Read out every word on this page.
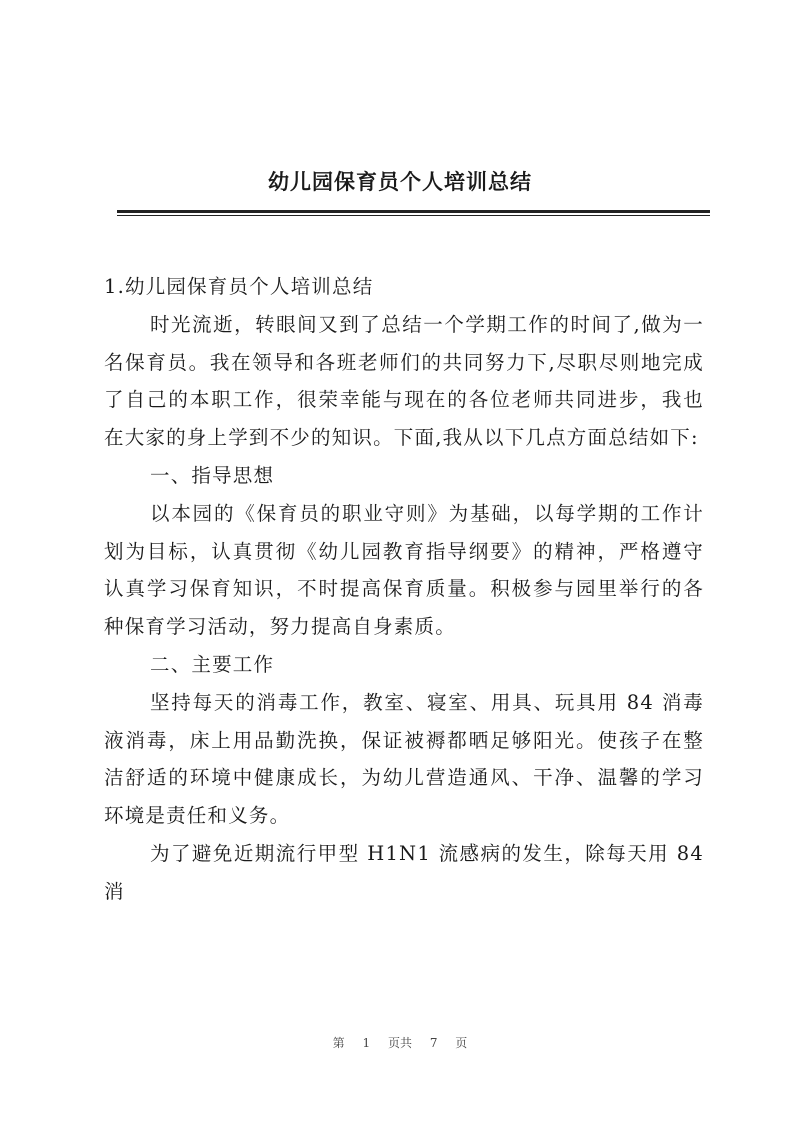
幼儿园保育员个人培训总结

1.幼儿园保育员个人培训总结

时光流逝，转眼间又到了总结一个学期工作的时间了,做为一名保育员。我在领导和各班老师们的共同努力下,尽职尽则地完成了自己的本职工作，很荣幸能与现在的各位老师共同进步，我也在大家的身上学到不少的知识。下面,我从以下几点方面总结如下:

一、指导思想

以本园的《保育员的职业守则》为基础，以每学期的工作计划为目标，认真贯彻《幼儿园教育指导纲要》的精神，严格遵守认真学习保育知识，不时提高保育质量。积极参与园里举行的各种保育学习活动，努力提高自身素质。

二、主要工作

坚持每天的消毒工作，教室、寝室、用具、玩具用 84 消毒液消毒，床上用品勤洗换，保证被褥都晒足够阳光。使孩子在整洁舒适的环境中健康成长，为幼儿营造通风、干净、温馨的学习环境是责任和义务。

为了避免近期流行甲型 H1N1 流感病的发生，除每天用 84 消

第 1 页共 7 页
